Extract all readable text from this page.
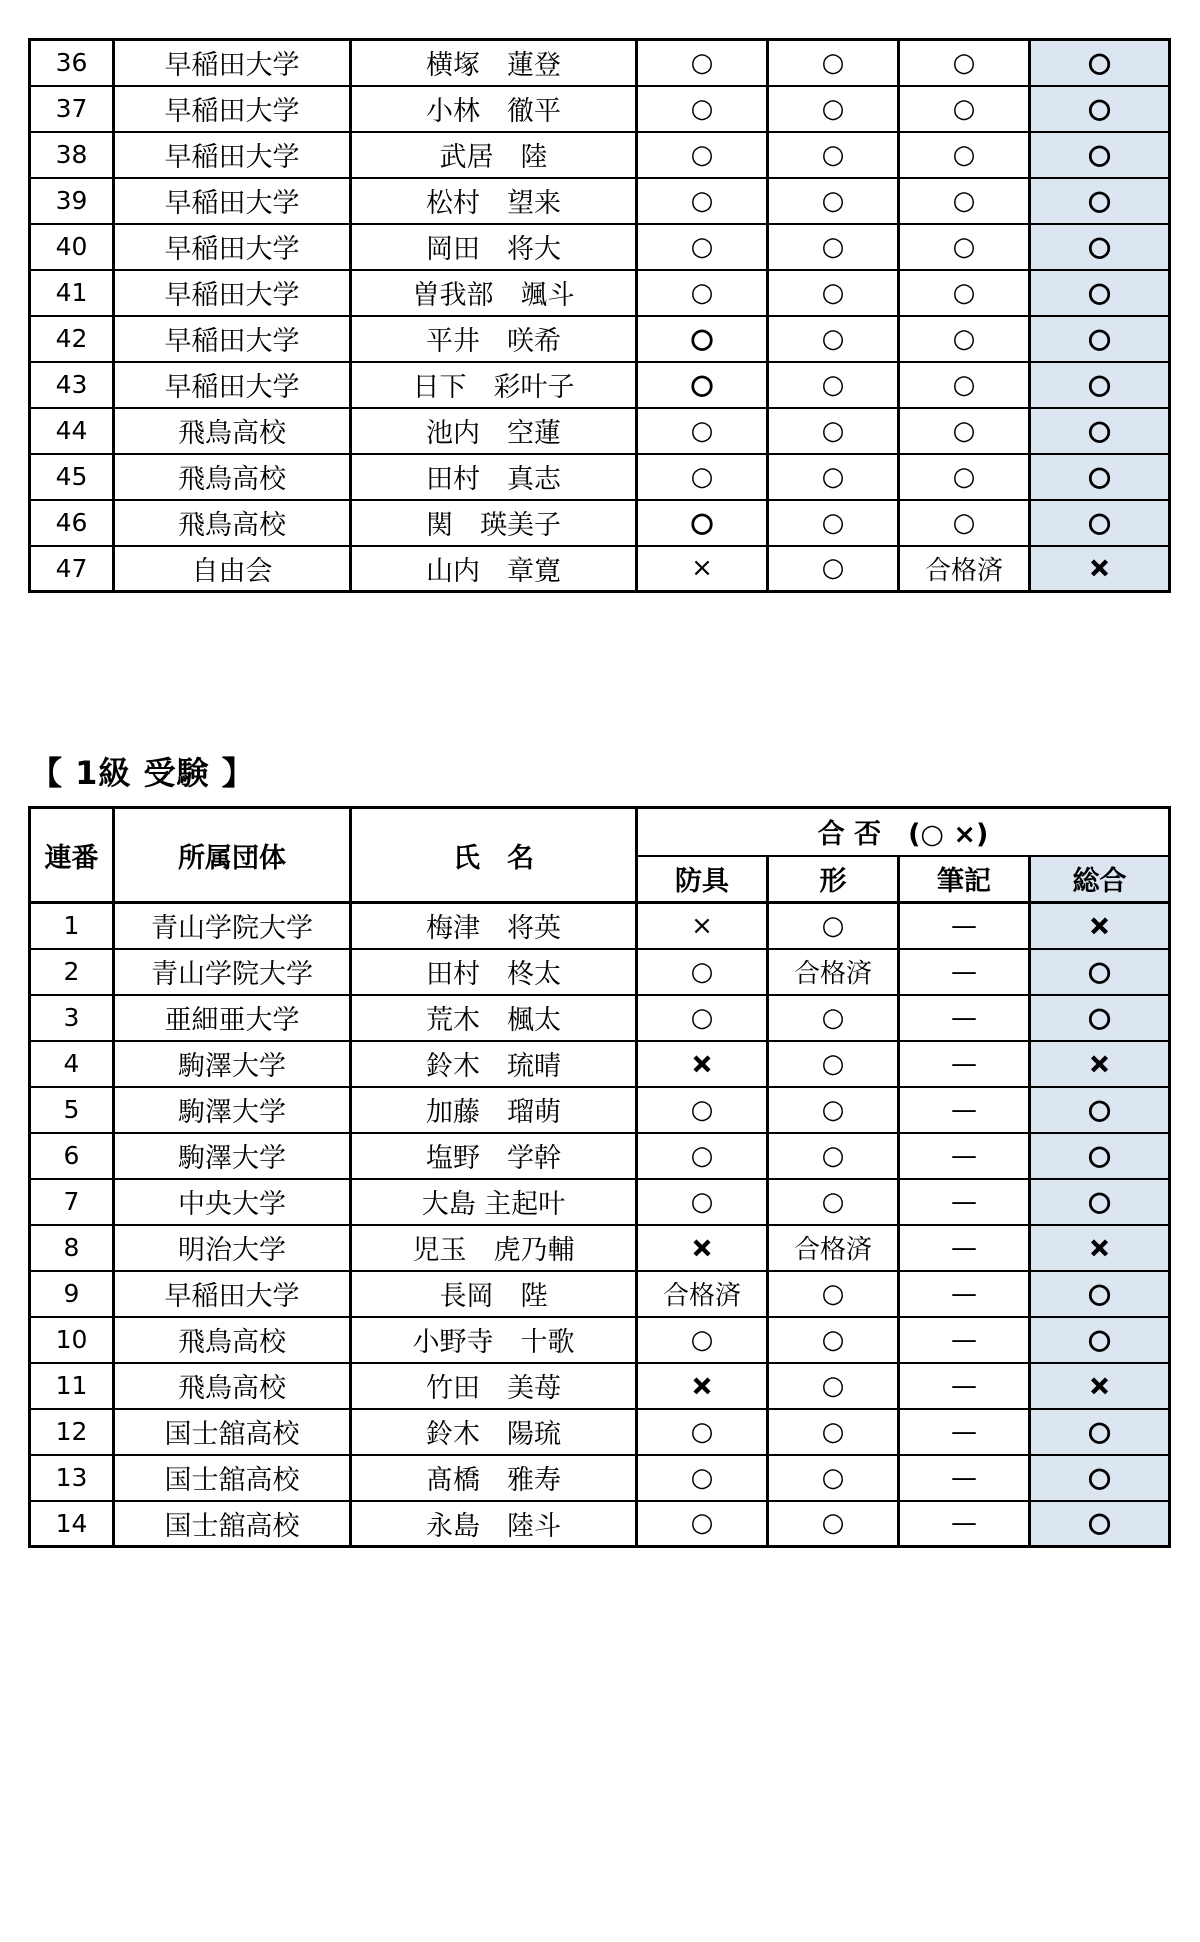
36	早稲田大学	横塚　蓮登	○	○	○	○
37	早稲田大学	小林　徹平	○	○	○	○
38	早稲田大学	武居　陸	○	○	○	○
39	早稲田大学	松村　望来	○	○	○	○
40	早稲田大学	岡田　将大	○	○	○	○
41	早稲田大学	曽我部　颯斗	○	○	○	○
42	早稲田大学	平井　咲希	○	○	○	○
43	早稲田大学	日下　彩叶子	○	○	○	○
44	飛鳥高校	池内　空蓮	○	○	○	○
45	飛鳥高校	田村　真志	○	○	○	○
46	飛鳥高校	関　瑛美子	○	○	○	○
47	自由会	山内　章寛	×	○	合格済	×
【 1級 受験 】
連番	所属団体	氏　名	合 否　(○ ×)			
			防具	形	筆記	総合
1	青山学院大学	梅津　将英	×	○	—	×
2	青山学院大学	田村　柊太	○	合格済	—	○
3	亜細亜大学	荒木　楓太	○	○	—	○
4	駒澤大学	鈴木　琉晴	×	○	—	×
5	駒澤大学	加藤　瑠萌	○	○	—	○
6	駒澤大学	塩野　学幹	○	○	—	○
7	中央大学	大島 主起叶	○	○	—	○
8	明治大学	児玉　虎乃輔	×	合格済	—	×
9	早稲田大学	長岡　陛	合格済	○	—	○
10	飛鳥高校	小野寺　十歌	○	○	—	○
11	飛鳥高校	竹田　美苺	×	○	—	×
12	国士舘高校	鈴木　陽琉	○	○	—	○
13	国士舘高校	髙橋　雅寿	○	○	—	○
14	国士舘高校	永島　陸斗	○	○	—	○
